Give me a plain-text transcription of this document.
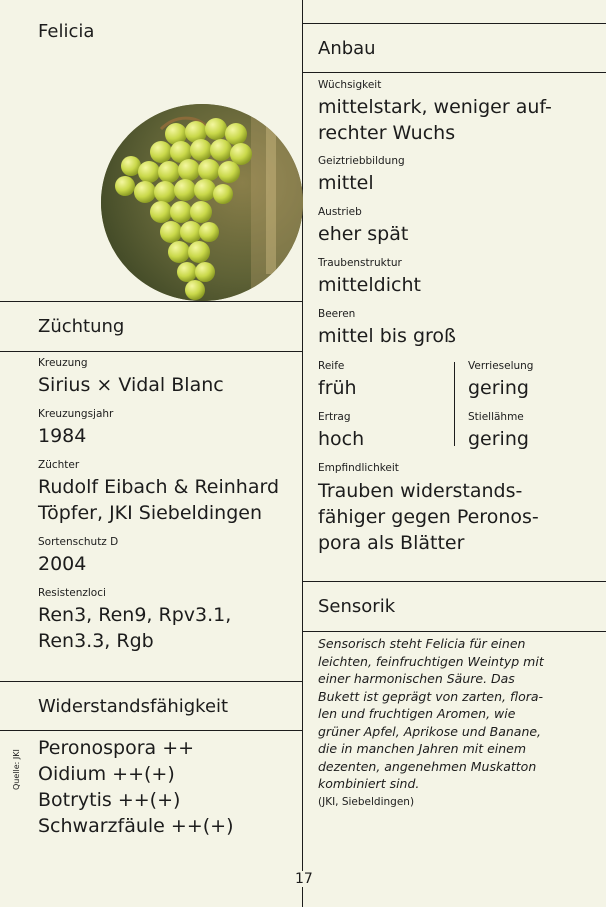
Felicia
Züchtung
Kreuzung
Sirius × Vidal Blanc
Kreuzungsjahr
1984
Züchter
Rudolf Eibach & Reinhard
Töpfer, JKI Siebeldingen
Sortenschutz D
2004
Resistenzloci
Ren3, Ren9, Rpv3.1,
Ren3.3, Rgb
Widerstandsfähigkeit
Peronospora ++
Oidium ++(+)
Botrytis ++(+)
Schwarzfäule ++(+)
Quelle: JKI
Anbau
Wüchsigkeit
mittelstark, weniger auf-
rechter Wuchs
Geiztriebbildung
mittel
Austrieb
eher spät
Traubenstruktur
mitteldicht
Beeren
mittel bis groß
Reife
früh
Verrieselung
gering
Ertrag
hoch
Stiellähme
gering
Empfindlichkeit
Trauben widerstands-
fähiger gegen Peronos-
pora als Blätter
Sensorik
Sensorisch steht Felicia für einen
leichten, feinfruchtigen Weintyp mit
einer harmonischen Säure. Das
Bukett ist geprägt von zarten, flora-
len und fruchtigen Aromen, wie
grüner Apfel, Aprikose und Banane,
die in manchen Jahren mit einem
dezenten, angenehmen Muskatton
kombiniert sind.
(JKI, Siebeldingen)
17
